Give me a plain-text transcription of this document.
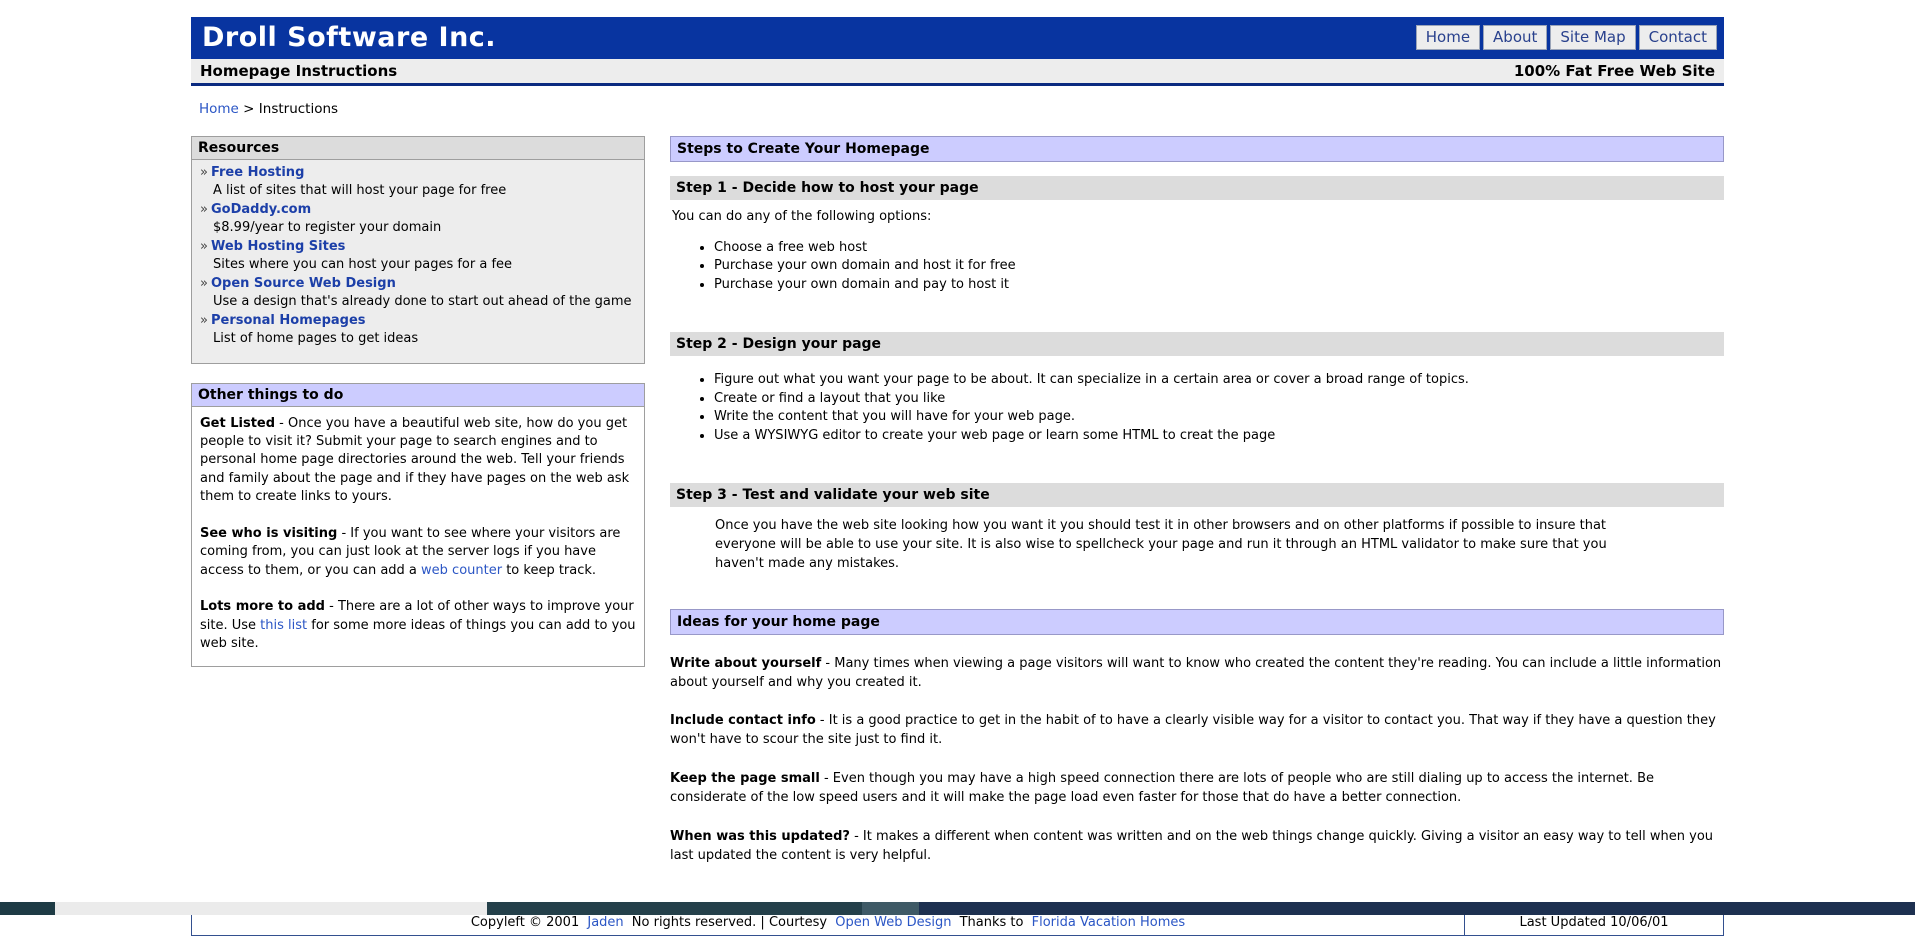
Droll Software Inc.	Home	About	Site Map	Contact
Homepage Instructions	100% Fat Free Web Site
Home > Instructions
Resources
» Free Hosting
A list of sites that will host your page for free
» GoDaddy.com
$8.99/year to register your domain
» Web Hosting Sites
Sites where you can host your pages for a fee
» Open Source Web Design
Use a design that's already done to start out ahead of the game
» Personal Homepages
List of home pages to get ideas
Other things to do

Get Listed - Once you have a beautiful web site, how do you get people to visit it? Submit your page to search engines and to personal home page directories around the web. Tell your friends and family about the page and if they have pages on the web ask them to create links to yours.

See who is visiting - If you want to see where your visitors are coming from, you can just look at the server logs if you have access to them, or you can add a web counter to keep track.

Lots more to add - There are a lot of other ways to improve your site. Use this list for some more ideas of things you can add to you web site.

Steps to Create Your Homepage
Step 1 - Decide how to host your page

You can do any of the following options:

• Choose a free web host
• Purchase your own domain and host it for free
• Purchase your own domain and pay to host it
Step 2 - Design your page
• Figure out what you want your page to be about. It can specialize in a certain area or cover a broad range of topics.
• Create or find a layout that you like
• Write the content that you will have for your web page.
• Use a WYSIWYG editor to create your web page or learn some HTML to creat the page
Step 3 - Test and validate your web site

Once you have the web site looking how you want it you should test it in other browsers and on other platforms if possible to insure that everyone will be able to use your site. It is also wise to spellcheck your page and run it through an HTML validator to make sure that you haven't made any mistakes.

Ideas for your home page

Write about yourself - Many times when viewing a page visitors will want to know who created the content they're reading. You can include a little information about yourself and why you created it.

Include contact info - It is a good practice to get in the habit of to have a clearly visible way for a visitor to contact you. That way if they have a question they won't have to scour the site just to find it.

Keep the page small - Even though you may have a high speed connection there are lots of people who are still dialing up to access the internet. Be considerate of the low speed users and it will make the page load even faster for those that do have a better connection.

When was this updated? - It makes a different when content was written and on the web things change quickly. Giving a visitor an easy way to tell when you last updated the content is very helpful.

Copyleft © 2001 Jaden No rights reserved. | Courtesy Open Web Design Thanks to Florida Vacation Homes	Last Updated 10/06/01
